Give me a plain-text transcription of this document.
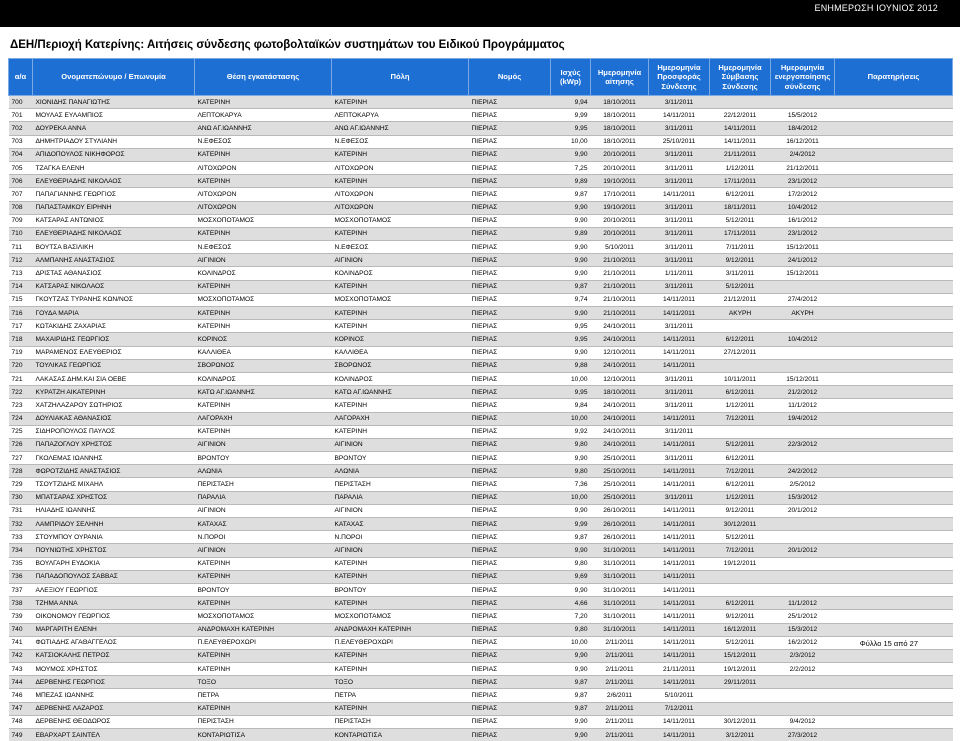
ΕΝΗΜΕΡΩΣΗ ΙΟΥΝΙΟΣ 2012
ΔΕΗ/Περιοχή Κατερίνης: Αιτήσεις σύνδεσης φωτοβολταϊκών συστημάτων του Ειδικού Προγράμματος
α/α	Ονοματεπώνυμο / Επωνυμία	Θέση εγκατάστασης	Πόλη	Νομός	Ισχύς (kWp)	Ημερομηνία αίτησης	Ημερομηνία Προσφοράς Σύνδεσης	Ημερομηνία Σύμβασης Σύνδεσης	Ημερομηνία ενεργοποίησης σύνδεσης	Παρατηρήσεις
700	ΧΙΟΝΙΔΗΣ ΠΑΝΑΓΙΩΤΗΣ	ΚΑΤΕΡΙΝΗ	ΚΑΤΕΡΙΝΗ	ΠΙΕΡΙΑΣ	9,94	18/10/2011	3/11/2011			
701	ΜΟΥΛΑΣ ΕΥΛΑΜΠΙΟΣ	ΛΕΠΤΟΚΑΡΥΑ	ΛΕΠΤΟΚΑΡΥΑ	ΠΙΕΡΙΑΣ	9,99	18/10/2011	14/11/2011	22/12/2011	15/5/2012	
702	ΔΟΥΡΕΚΑ ΑΝΝΑ	ΑΝΩ ΑΓ.ΙΩΑΝΝΗΣ	ΑΝΩ ΑΓ.ΙΩΑΝΝΗΣ	ΠΙΕΡΙΑΣ	9,95	18/10/2011	3/11/2011	14/11/2011	18/4/2012	
703	ΔΗΜΗΤΡΙΑΔΟΥ ΣΤΥΛΙΑΝΗ	Ν.ΕΦΕΣΟΣ	Ν.ΕΦΕΣΟΣ	ΠΙΕΡΙΑΣ	10,00	18/10/2011	25/10/2011	14/11/2011	16/12/2011	
704	ΑΠΙΔΟΠΟΥΛΟΣ ΝΙΚΗΦΟΡΟΣ	ΚΑΤΕΡΙΝΗ	ΚΑΤΕΡΙΝΗ	ΠΙΕΡΙΑΣ	9,90	20/10/2011	3/11/2011	21/11/2011	2/4/2012	
705	ΤΖΑΓΚΑ ΕΛΕΝΗ	ΛΙΤΟΧΩΡΟΝ	ΛΙΤΟΧΩΡΟΝ	ΠΙΕΡΙΑΣ	7,25	20/10/2011	3/11/2011	1/12/2011	21/12/2011	
706	ΕΛΕΥΘΕΡΙΑΔΗΣ ΝΙΚΟΛΑΟΣ	ΚΑΤΕΡΙΝΗ	ΚΑΤΕΡΙΝΗ	ΠΙΕΡΙΑΣ	9,89	19/10/2011	3/11/2011	17/11/2011	23/1/2012	
707	ΠΑΠΑΓΙΑΝΝΗΣ ΓΕΩΡΓΙΟΣ	ΛΙΤΟΧΩΡΟΝ	ΛΙΤΟΧΩΡΟΝ	ΠΙΕΡΙΑΣ	9,87	17/10/2011	14/11/2011	6/12/2011	17/2/2012	
708	ΠΑΠΑΣΤΑΜΚΟΥ ΕΙΡΗΝΗ	ΛΙΤΟΧΩΡΟΝ	ΛΙΤΟΧΩΡΟΝ	ΠΙΕΡΙΑΣ	9,90	19/10/2011	3/11/2011	18/11/2011	10/4/2012	
709	ΚΑΤΣΑΡΑΣ ΑΝΤΩΝΙΟΣ	ΜΟΣΧΟΠΟΤΑΜΟΣ	ΜΟΣΧΟΠΟΤΑΜΟΣ	ΠΙΕΡΙΑΣ	9,90	20/10/2011	3/11/2011	5/12/2011	16/1/2012	
710	ΕΛΕΥΘΕΡΙΑΔΗΣ ΝΙΚΟΛΑΟΣ	ΚΑΤΕΡΙΝΗ	ΚΑΤΕΡΙΝΗ	ΠΙΕΡΙΑΣ	9,89	20/10/2011	3/11/2011	17/11/2011	23/1/2012	
711	ΒΟΥΤΣΑ ΒΑΣΙΛΙΚΗ	Ν.ΕΦΕΣΟΣ	Ν.ΕΦΕΣΟΣ	ΠΙΕΡΙΑΣ	9,90	5/10/2011	3/11/2011	7/11/2011	15/12/2011	
712	ΑΛΜΠΑΝΗΣ ΑΝΑΣΤΑΣΙΟΣ	ΑΙΓΙΝΙΟΝ	ΑΙΓΙΝΙΟΝ	ΠΙΕΡΙΑΣ	9,90	21/10/2011	3/11/2011	9/12/2011	24/1/2012	
713	ΔΡΙΣΤΑΣ ΑΘΑΝΑΣΙΟΣ	ΚΟΛΙΝΔΡΟΣ	ΚΟΛΙΝΔΡΟΣ	ΠΙΕΡΙΑΣ	9,90	21/10/2011	1/11/2011	3/11/2011	15/12/2011	
714	ΚΑΤΣΑΡΑΣ ΝΙΚΟΛΑΟΣ	ΚΑΤΕΡΙΝΗ	ΚΑΤΕΡΙΝΗ	ΠΙΕΡΙΑΣ	9,87	21/10/2011	3/11/2011	5/12/2011		
715	ΓΚΟΥΤΖΑΣ ΤΥΡΑΝΗΣ ΚΩΝ/ΝΟΣ	ΜΟΣΧΟΠΟΤΑΜΟΣ	ΜΟΣΧΟΠΟΤΑΜΟΣ	ΠΙΕΡΙΑΣ	9,74	21/10/2011	14/11/2011	21/12/2011	27/4/2012	
716	ΓΟΥΔΑ ΜΑΡΙΑ	ΚΑΤΕΡΙΝΗ	ΚΑΤΕΡΙΝΗ	ΠΙΕΡΙΑΣ	9,90	21/10/2011	14/11/2011	ΑΚΥΡΗ	ΑΚΥΡΗ	
717	ΚΩΤΑΚΙΔΗΣ ΖΑΧΑΡΙΑΣ	ΚΑΤΕΡΙΝΗ	ΚΑΤΕΡΙΝΗ	ΠΙΕΡΙΑΣ	9,95	24/10/2011	3/11/2011			
718	ΜΑΧΑΙΡΙΔΗΣ ΓΕΩΡΓΙΟΣ	ΚΟΡΙΝΟΣ	ΚΟΡΙΝΟΣ	ΠΙΕΡΙΑΣ	9,95	24/10/2011	14/11/2011	6/12/2011	10/4/2012	
719	ΜΑΡΑΜΕΝΟΣ ΕΛΕΥΘΕΡΙΟΣ	ΚΑΛΛΙΘΕΑ	ΚΑΛΛΙΘΕΑ	ΠΙΕΡΙΑΣ	9,90	12/10/2011	14/11/2011	27/12/2011		
720	ΤΟΥΛΙΚΑΣ ΓΕΩΡΓΙΟΣ	ΣΒΟΡΩΝΟΣ	ΣΒΟΡΩΝΟΣ	ΠΙΕΡΙΑΣ	9,88	24/10/2011	14/11/2011			
721	ΛΑΚΑΣΑΣ ΔΗΜ.ΚΑΙ ΣΙΑ ΟΕΒΕ	ΚΟΛΙΝΔΡΟΣ	ΚΟΛΙΝΔΡΟΣ	ΠΙΕΡΙΑΣ	10,00	12/10/2011	3/11/2011	10/11/2011	15/12/2011	
722	ΚΥΡΑΤΖΗ ΑΙΚΑΤΕΡΙΝΗ	ΚΑΤΩ ΑΓ.ΙΩΑΝΝΗΣ	ΚΑΤΩ ΑΓ.ΙΩΑΝΝΗΣ	ΠΙΕΡΙΑΣ	9,95	18/10/2011	3/11/2011	6/12/2011	21/2/2012	
723	ΧΑΤΖΗΛΑΖΑΡΟΥ ΣΩΤΗΡΙΟΣ	ΚΑΤΕΡΙΝΗ	ΚΑΤΕΡΙΝΗ	ΠΙΕΡΙΑΣ	9,84	24/10/2011	3/11/2011	1/12/2011	11/1/2012	
724	ΔΟΥΛΙΑΚΑΣ ΑΘΑΝΑΣΙΟΣ	ΛΑΓΟΡΑΧΗ	ΛΑΓΟΡΑΧΗ	ΠΙΕΡΙΑΣ	10,00	24/10/2011	14/11/2011	7/12/2011	19/4/2012	
725	ΣΙΔΗΡΟΠΟΥΛΟΣ ΠΑΥΛΟΣ	ΚΑΤΕΡΙΝΗ	ΚΑΤΕΡΙΝΗ	ΠΙΕΡΙΑΣ	9,92	24/10/2011	3/11/2011			
726	ΠΑΠΑΖΟΓΛΟΥ ΧΡΗΣΤΟΣ	ΑΙΓΙΝΙΟΝ	ΑΙΓΙΝΙΟΝ	ΠΙΕΡΙΑΣ	9,80	24/10/2011	14/11/2011	5/12/2011	22/3/2012	
727	ΓΚΟΛΕΜΑΣ ΙΩΑΝΝΗΣ	ΒΡΟΝΤΟΥ	ΒΡΟΝΤΟΥ	ΠΙΕΡΙΑΣ	9,90	25/10/2011	3/11/2011	6/12/2011		
728	ΦΩΡΟΤΖΙΔΗΣ ΑΝΑΣΤΑΣΙΟΣ	ΑΛΩΝΙΑ	ΑΛΩΝΙΑ	ΠΙΕΡΙΑΣ	9,80	25/10/2011	14/11/2011	7/12/2011	24/2/2012	
729	ΤΣΟΥΤΖΙΔΗΣ ΜΙΧΑΗΛ	ΠΕΡΙΣΤΑΣΗ	ΠΕΡΙΣΤΑΣΗ	ΠΙΕΡΙΑΣ	7,36	25/10/2011	14/11/2011	6/12/2011	2/5/2012	
730	ΜΠΑΤΣΑΡΑΣ ΧΡΗΣΤΟΣ	ΠΑΡΑΛΙΑ	ΠΑΡΑΛΙΑ	ΠΙΕΡΙΑΣ	10,00	25/10/2011	3/11/2011	1/12/2011	15/3/2012	
731	ΗΛΙΑΔΗΣ ΙΩΑΝΝΗΣ	ΑΙΓΙΝΙΟΝ	ΑΙΓΙΝΙΟΝ	ΠΙΕΡΙΑΣ	9,90	26/10/2011	14/11/2011	9/12/2011	20/1/2012	
732	ΛΑΜΠΡΙΔΟΥ ΣΕΛΗΝΗ	ΚΑΤΑΧΑΣ	ΚΑΤΑΧΑΣ	ΠΙΕΡΙΑΣ	9,99	26/10/2011	14/11/2011	30/12/2011		
733	ΣΤΟΥΜΠΟΥ ΟΥΡΑΝΙΑ	Ν.ΠΟΡΟΙ	Ν.ΠΟΡΟΙ	ΠΙΕΡΙΑΣ	9,87	26/10/2011	14/11/2011	5/12/2011		
734	ΠΟΥΝΙΩΤΗΣ ΧΡΗΣΤΟΣ	ΑΙΓΙΝΙΟΝ	ΑΙΓΙΝΙΟΝ	ΠΙΕΡΙΑΣ	9,90	31/10/2011	14/11/2011	7/12/2011	20/1/2012	
735	ΒΟΥΛΓΑΡΗ ΕΥΔΟΚΙΑ	ΚΑΤΕΡΙΝΗ	ΚΑΤΕΡΙΝΗ	ΠΙΕΡΙΑΣ	9,80	31/10/2011	14/11/2011	19/12/2011		
736	ΠΑΠΑΔΟΠΟΥΛΟΣ ΣΑΒΒΑΣ	ΚΑΤΕΡΙΝΗ	ΚΑΤΕΡΙΝΗ	ΠΙΕΡΙΑΣ	9,69	31/10/2011	14/11/2011			
737	ΑΛΕΞΙΟΥ ΓΕΩΡΓΙΟΣ	ΒΡΟΝΤΟΥ	ΒΡΟΝΤΟΥ	ΠΙΕΡΙΑΣ	9,90	31/10/2011	14/11/2011			
738	ΤΖΗΜΑ ΑΝΝΑ	ΚΑΤΕΡΙΝΗ	ΚΑΤΕΡΙΝΗ	ΠΙΕΡΙΑΣ	4,66	31/10/2011	14/11/2011	6/12/2011	11/1/2012	
739	ΟΙΚΟΝΟΜΟΥ ΓΕΩΡΓΙΟΣ	ΜΟΣΧΟΠΟΤΑΜΟΣ	ΜΟΣΧΟΠΟΤΑΜΟΣ	ΠΙΕΡΙΑΣ	7,20	31/10/2011	14/11/2011	9/12/2011	25/1/2012	
740	ΜΑΡΓΑΡΙΤΗ ΕΛΕΝΗ	ΑΝΔΡΟΜΑΧΗ ΚΑΤΕΡΙΝΗ	ΑΝΔΡΟΜΑΧΗ ΚΑΤΕΡΙΝΗ	ΠΙΕΡΙΑΣ	9,80	31/10/2011	14/11/2011	16/12/2011	15/3/2012	
741	ΦΩΤΙΑΔΗΣ ΑΓΑΘΑΓΓΕΛΟΣ	Π.ΕΛΕΥΘΕΡΟΧΩΡΙ	Π.ΕΛΕΥΘΕΡΟΧΩΡΙ	ΠΙΕΡΙΑΣ	10,00	2/11/2011	14/11/2011	5/12/2011	16/2/2012	
742	ΚΑΤΣΙΟΚΑΛΗΣ ΠΕΤΡΟΣ	ΚΑΤΕΡΙΝΗ	ΚΑΤΕΡΙΝΗ	ΠΙΕΡΙΑΣ	9,90	2/11/2011	14/11/2011	15/12/2011	2/3/2012	
743	ΜΟΥΜΟΣ ΧΡΗΣΤΟΣ	ΚΑΤΕΡΙΝΗ	ΚΑΤΕΡΙΝΗ	ΠΙΕΡΙΑΣ	9,90	2/11/2011	21/11/2011	19/12/2011	2/2/2012	
744	ΔΕΡΒΕΝΗΣ ΓΕΩΡΓΙΟΣ	ΤΟΞΟ	ΤΟΞΟ	ΠΙΕΡΙΑΣ	9,87	2/11/2011	14/11/2011	29/11/2011		
746	ΜΠΕΖΑΣ ΙΩΑΝΝΗΣ	ΠΕΤΡΑ	ΠΕΤΡΑ	ΠΙΕΡΙΑΣ	9,87	2/6/2011	5/10/2011			
747	ΔΕΡΒΕΝΗΣ ΛΑΖΑΡΟΣ	ΚΑΤΕΡΙΝΗ	ΚΑΤΕΡΙΝΗ	ΠΙΕΡΙΑΣ	9,87	2/11/2011	7/12/2011			
748	ΔΕΡΒΕΝΗΣ ΘΕΟΔΩΡΟΣ	ΠΕΡΙΣΤΑΣΗ	ΠΕΡΙΣΤΑΣΗ	ΠΙΕΡΙΑΣ	9,90	2/11/2011	14/11/2011	30/12/2011	9/4/2012	
749	ΕΒΑΡΧΑΡΤ ΣΑΙΝΤΕΛ	ΚΟΝΤΑΡΙΩΤΙΣΑ	ΚΟΝΤΑΡΙΩΤΙΣΑ	ΠΙΕΡΙΑΣ	9,90	2/11/2011	14/11/2011	3/12/2011	27/3/2012	
Φύλλο 15 από 27
